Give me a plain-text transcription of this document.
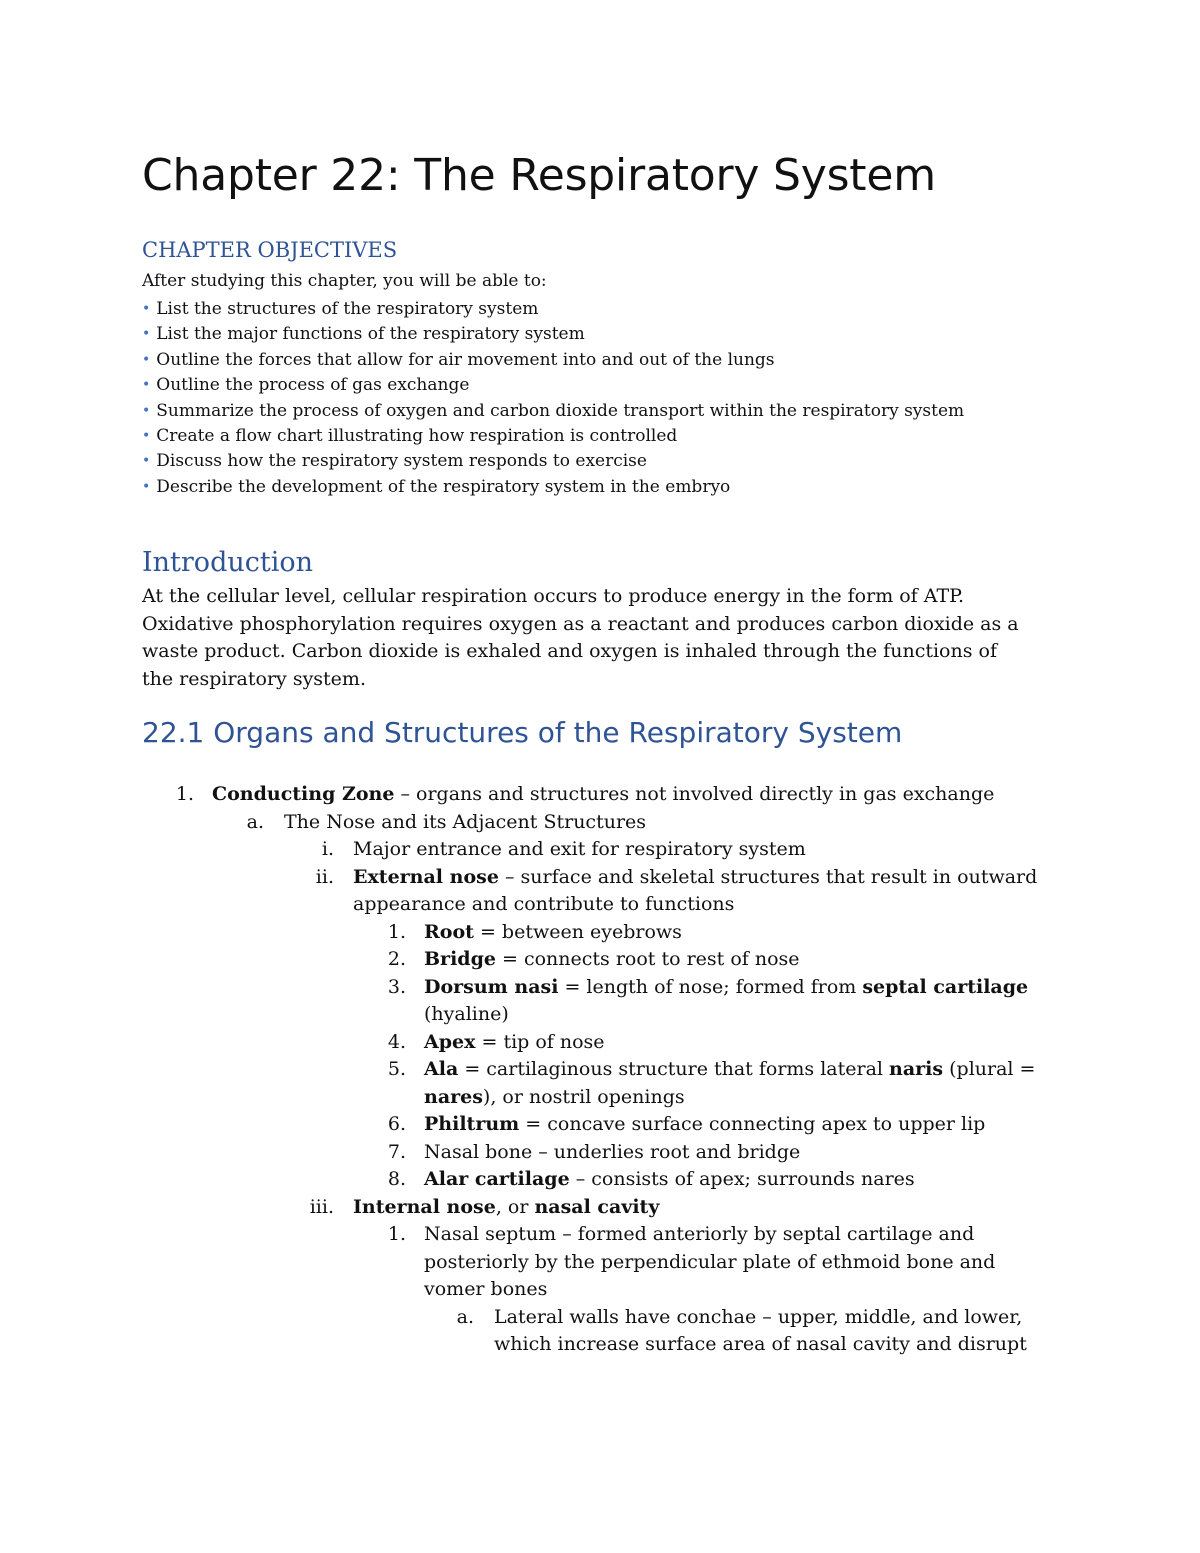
Chapter 22: The Respiratory System
CHAPTER OBJECTIVES
After studying this chapter, you will be able to:
• List the structures of the respiratory system
• List the major functions of the respiratory system
• Outline the forces that allow for air movement into and out of the lungs
• Outline the process of gas exchange
• Summarize the process of oxygen and carbon dioxide transport within the respiratory system
• Create a flow chart illustrating how respiration is controlled
• Discuss how the respiratory system responds to exercise
• Describe the development of the respiratory system in the embryo
Introduction
At the cellular level, cellular respiration occurs to produce energy in the form of ATP.
Oxidative phosphorylation requires oxygen as a reactant and produces carbon dioxide as a
waste product. Carbon dioxide is exhaled and oxygen is inhaled through the functions of
the respiratory system.
22.1 Organs and Structures of the Respiratory System
1. Conducting Zone – organs and structures not involved directly in gas exchange
a. The Nose and its Adjacent Structures
i. Major entrance and exit for respiratory system
ii. External nose – surface and skeletal structures that result in outward
appearance and contribute to functions
1. Root = between eyebrows
2. Bridge = connects root to rest of nose
3. Dorsum nasi = length of nose; formed from septal cartilage
(hyaline)
4. Apex = tip of nose
5. Ala = cartilaginous structure that forms lateral naris (plural =
nares), or nostril openings
6. Philtrum = concave surface connecting apex to upper lip
7. Nasal bone – underlies root and bridge
8. Alar cartilage – consists of apex; surrounds nares
iii. Internal nose, or nasal cavity
1. Nasal septum – formed anteriorly by septal cartilage and
posteriorly by the perpendicular plate of ethmoid bone and
vomer bones
a. Lateral walls have conchae – upper, middle, and lower,
which increase surface area of nasal cavity and disrupt
